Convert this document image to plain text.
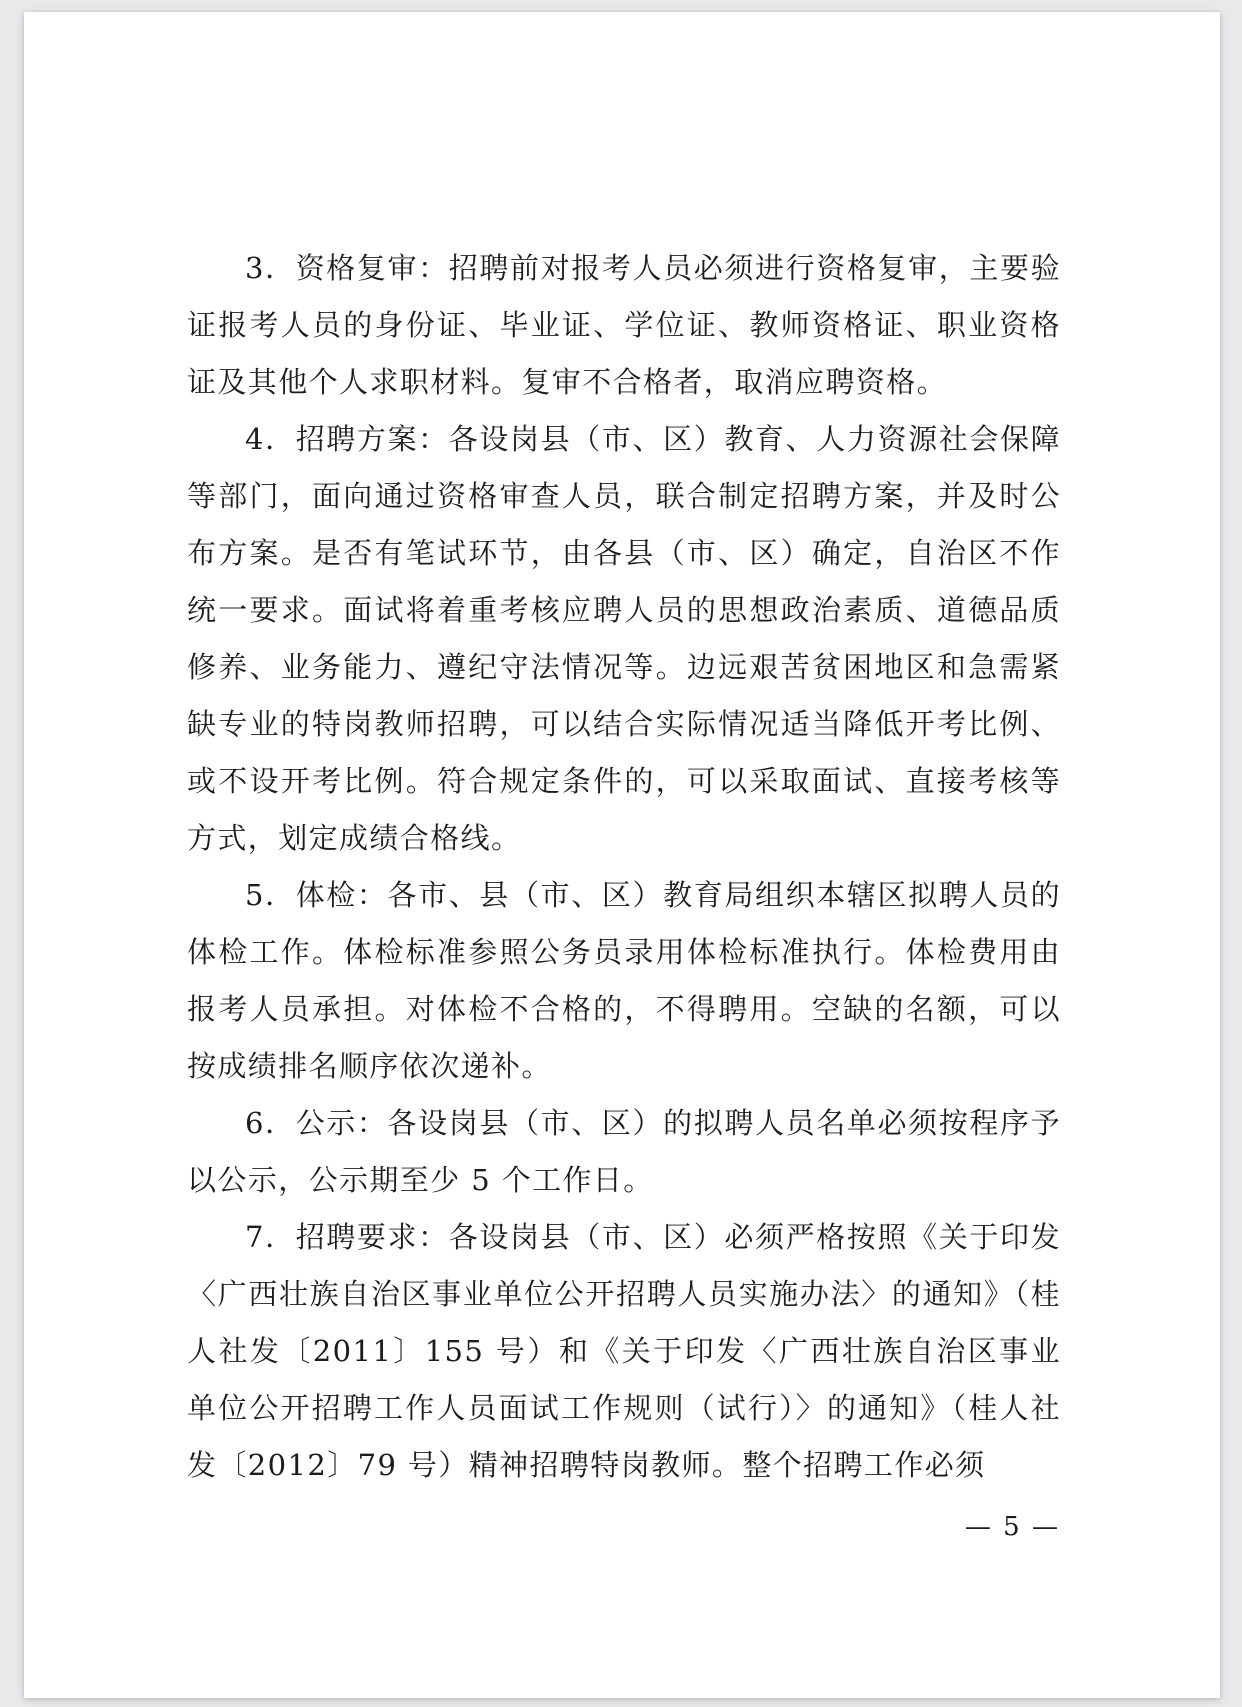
3．资格复审：招聘前对报考人员必须进行资格复审，主要验证报考人员的身份证、毕业证、学位证、教师资格证、职业资格证及其他个人求职材料。复审不合格者，取消应聘资格。

4．招聘方案：各设岗县（市、区）教育、人力资源社会保障等部门，面向通过资格审查人员，联合制定招聘方案，并及时公布方案。是否有笔试环节，由各县（市、区）确定，自治区不作统一要求。面试将着重考核应聘人员的思想政治素质、道德品质修养、业务能力、遵纪守法情况等。边远艰苦贫困地区和急需紧缺专业的特岗教师招聘，可以结合实际情况适当降低开考比例、或不设开考比例。符合规定条件的，可以采取面试、直接考核等方式，划定成绩合格线。

5．体检：各市、县（市、区）教育局组织本辖区拟聘人员的体检工作。体检标准参照公务员录用体检标准执行。体检费用由报考人员承担。对体检不合格的，不得聘用。空缺的名额，可以按成绩排名顺序依次递补。

6．公示：各设岗县（市、区）的拟聘人员名单必须按程序予以公示，公示期至少 5 个工作日。

7．招聘要求：各设岗县（市、区）必须严格按照《关于印发〈广西壮族自治区事业单位公开招聘人员实施办法〉的通知》（桂人社发〔2011〕155 号）和《关于印发〈广西壮族自治区事业单位公开招聘工作人员面试工作规则（试行）〉的通知》（桂人社发〔2012〕79 号）精神招聘特岗教师。整个招聘工作必须

— 5 —
